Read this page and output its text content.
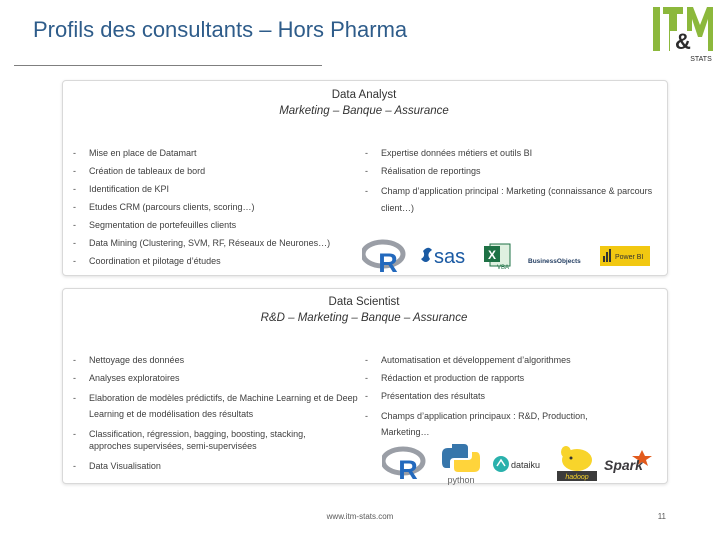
Profils des consultants – Hors Pharma	&
STATS
Data Analyst
Marketing – Banque – Assurance
- Mise en place de Datamart
- Création de tableaux de bord
- Identification de KPI
- Etudes CRM (parcours clients, scoring…)
- Segmentation de portefeuilles clients
- Data Mining (Clustering, SVM, RF, Réseaux de Neurones…)
- Coordination et pilotage d’études
- Expertise données métiers et outils BI
- Réalisation de reportings
- Champ d’application principal : Marketing (connaissance & parcours client…)
R sas X
VBA
BusinessObjects
Power BI
Data Scientist
R&D – Marketing – Banque – Assurance
- Nettoyage des données
- Analyses exploratoires
- Elaboration de modèles prédictifs, de Machine Learning et de Deep Learning et de modélisation des résultats
- Classification, régression, bagging, boosting, stacking, approches supervisées, semi-supervisées
- Data Visualisation
- Automatisation et développement d’algorithmes
- Rédaction et production de rapports
- Présentation des résultats
- Champs d’application principaux : R&D, Production, Marketing…
R	python
dataiku
hadoop
Spark
www.itm-stats.com	11
